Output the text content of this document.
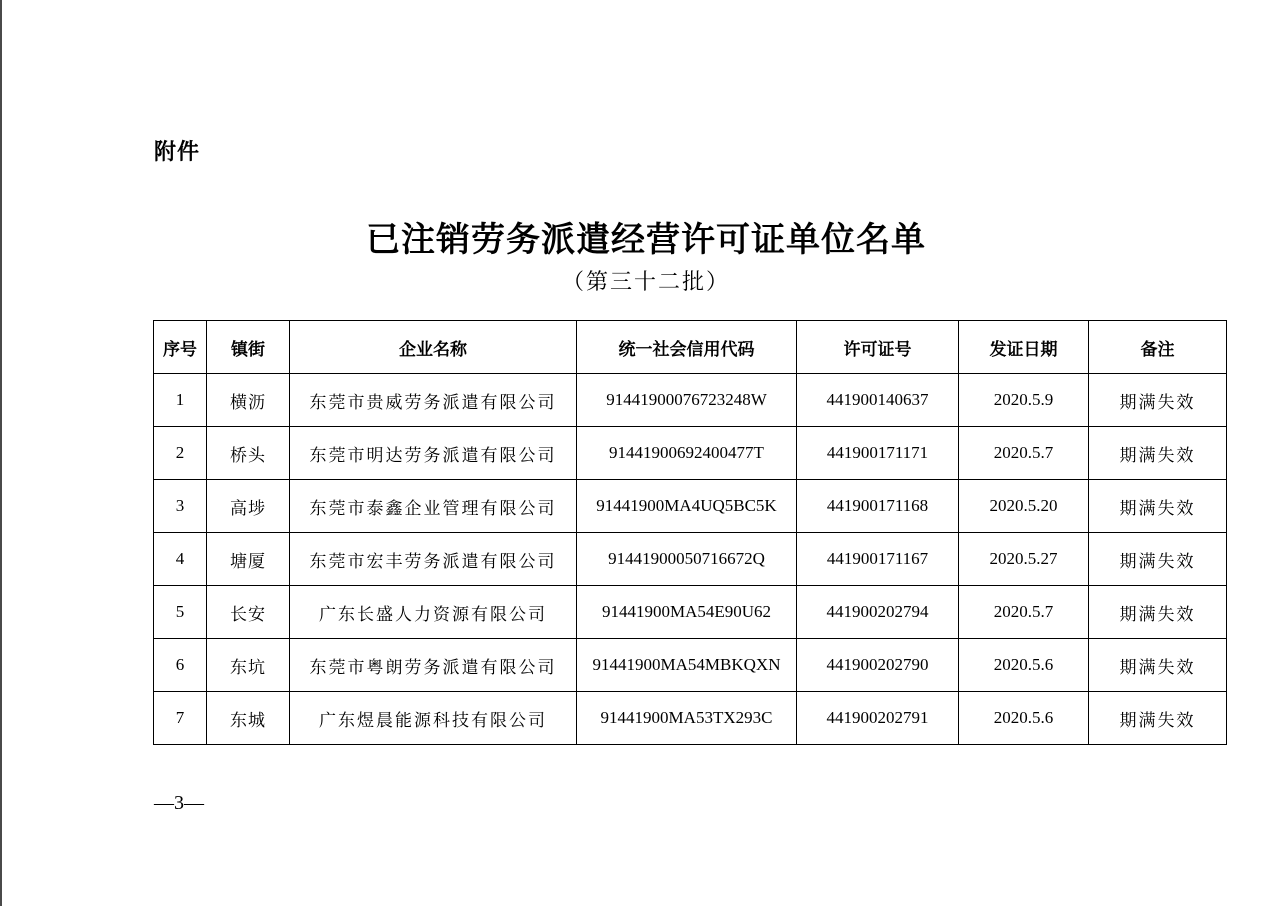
附件
已注销劳务派遣经营许可证单位名单
（第三十二批）
序号	镇街	企业名称	统一社会信用代码	许可证号	发证日期	备注
1	横沥	东莞市贵威劳务派遣有限公司	9144190007672324​8W	441900140637	2020.5.9	期满失效
2	桥头	东莞市明达劳务派遣有限公司	91441900692400477T	441900171171	2020.5.7	期满失效
3	高埗	东莞市泰鑫企业管理有限公司	91441900MA4UQ5BC5K	441900171168	2020.5.20	期满失效
4	塘厦	东莞市宏丰劳务派遣有限公司	91441900050716672Q	441900171167	2020.5.27	期满失效
5	长安	广东长盛人力资源有限公司	91441900MA54E90U62	441900202794	2020.5.7	期满失效
6	东坑	东莞市粤朗劳务派遣有限公司	91441900MA54MBKQXN	441900202790	2020.5.6	期满失效
7	东城	广东煜晨能源科技有限公司	91441900MA53TX293C	441900202791	2020.5.6	期满失效
—3—
